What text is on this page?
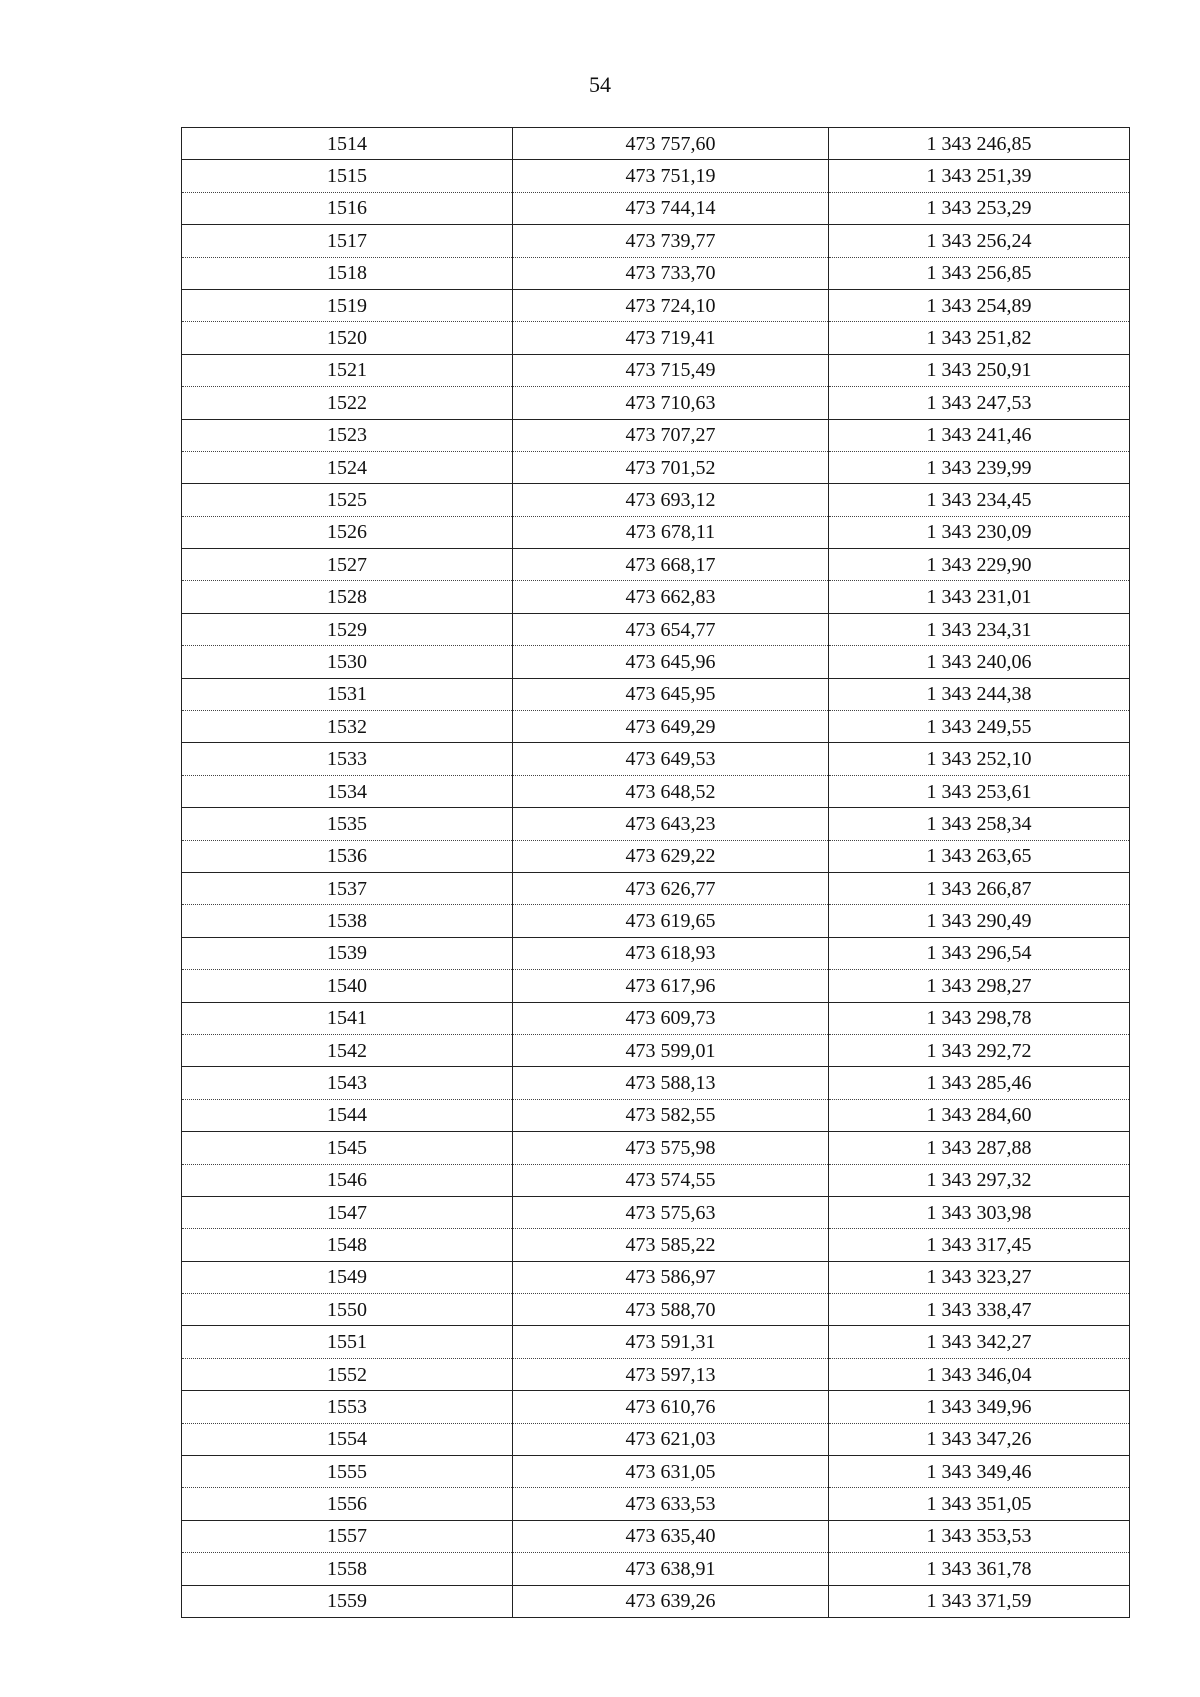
54
1514	473 757,60	1 343 246,85
1515	473 751,19	1 343 251,39
1516	473 744,14	1 343 253,29
1517	473 739,77	1 343 256,24
1518	473 733,70	1 343 256,85
1519	473 724,10	1 343 254,89
1520	473 719,41	1 343 251,82
1521	473 715,49	1 343 250,91
1522	473 710,63	1 343 247,53
1523	473 707,27	1 343 241,46
1524	473 701,52	1 343 239,99
1525	473 693,12	1 343 234,45
1526	473 678,11	1 343 230,09
1527	473 668,17	1 343 229,90
1528	473 662,83	1 343 231,01
1529	473 654,77	1 343 234,31
1530	473 645,96	1 343 240,06
1531	473 645,95	1 343 244,38
1532	473 649,29	1 343 249,55
1533	473 649,53	1 343 252,10
1534	473 648,52	1 343 253,61
1535	473 643,23	1 343 258,34
1536	473 629,22	1 343 263,65
1537	473 626,77	1 343 266,87
1538	473 619,65	1 343 290,49
1539	473 618,93	1 343 296,54
1540	473 617,96	1 343 298,27
1541	473 609,73	1 343 298,78
1542	473 599,01	1 343 292,72
1543	473 588,13	1 343 285,46
1544	473 582,55	1 343 284,60
1545	473 575,98	1 343 287,88
1546	473 574,55	1 343 297,32
1547	473 575,63	1 343 303,98
1548	473 585,22	1 343 317,45
1549	473 586,97	1 343 323,27
1550	473 588,70	1 343 338,47
1551	473 591,31	1 343 342,27
1552	473 597,13	1 343 346,04
1553	473 610,76	1 343 349,96
1554	473 621,03	1 343 347,26
1555	473 631,05	1 343 349,46
1556	473 633,53	1 343 351,05
1557	473 635,40	1 343 353,53
1558	473 638,91	1 343 361,78
1559	473 639,26	1 343 371,59
